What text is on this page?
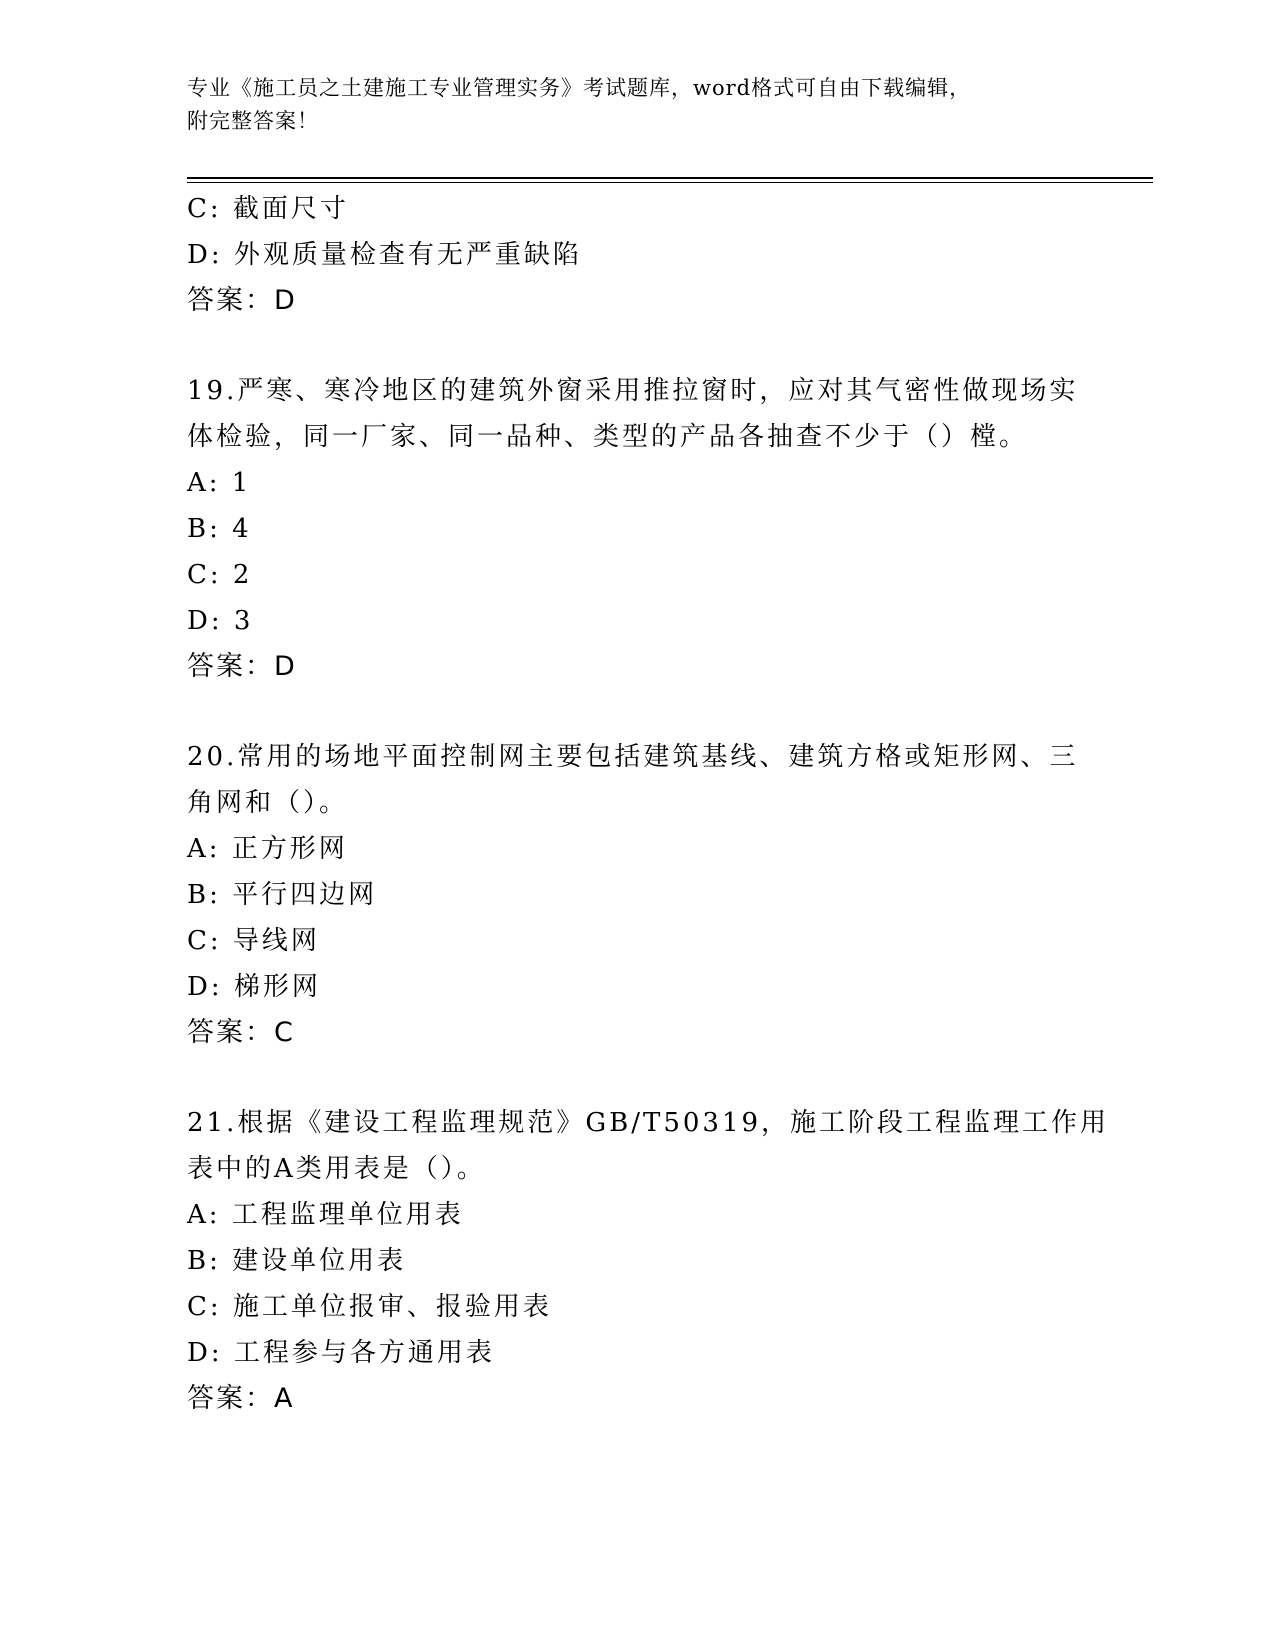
专业《施工员之土建施工专业管理实务》考试题库，word格式可自由下载编辑，
附完整答案！
C: 截面尺寸
D: 外观质量检查有无严重缺陷
答案：D
19.严寒、寒冷地区的建筑外窗采用推拉窗时，应对其气密性做现场实
体检验，同一厂家、同一品种、类型的产品各抽查不少于（）樘。
A: 1
B: 4
C: 2
D: 3
答案：D
20.常用的场地平面控制网主要包括建筑基线、建筑方格或矩形网、三
角网和（）。
A: 正方形网
B: 平行四边网
C: 导线网
D: 梯形网
答案：C
21.根据《建设工程监理规范》GB/T50319，施工阶段工程监理工作用
表中的A类用表是（）。
A: 工程监理单位用表
B: 建设单位用表
C: 施工单位报审、报验用表
D: 工程参与各方通用表
答案：A
